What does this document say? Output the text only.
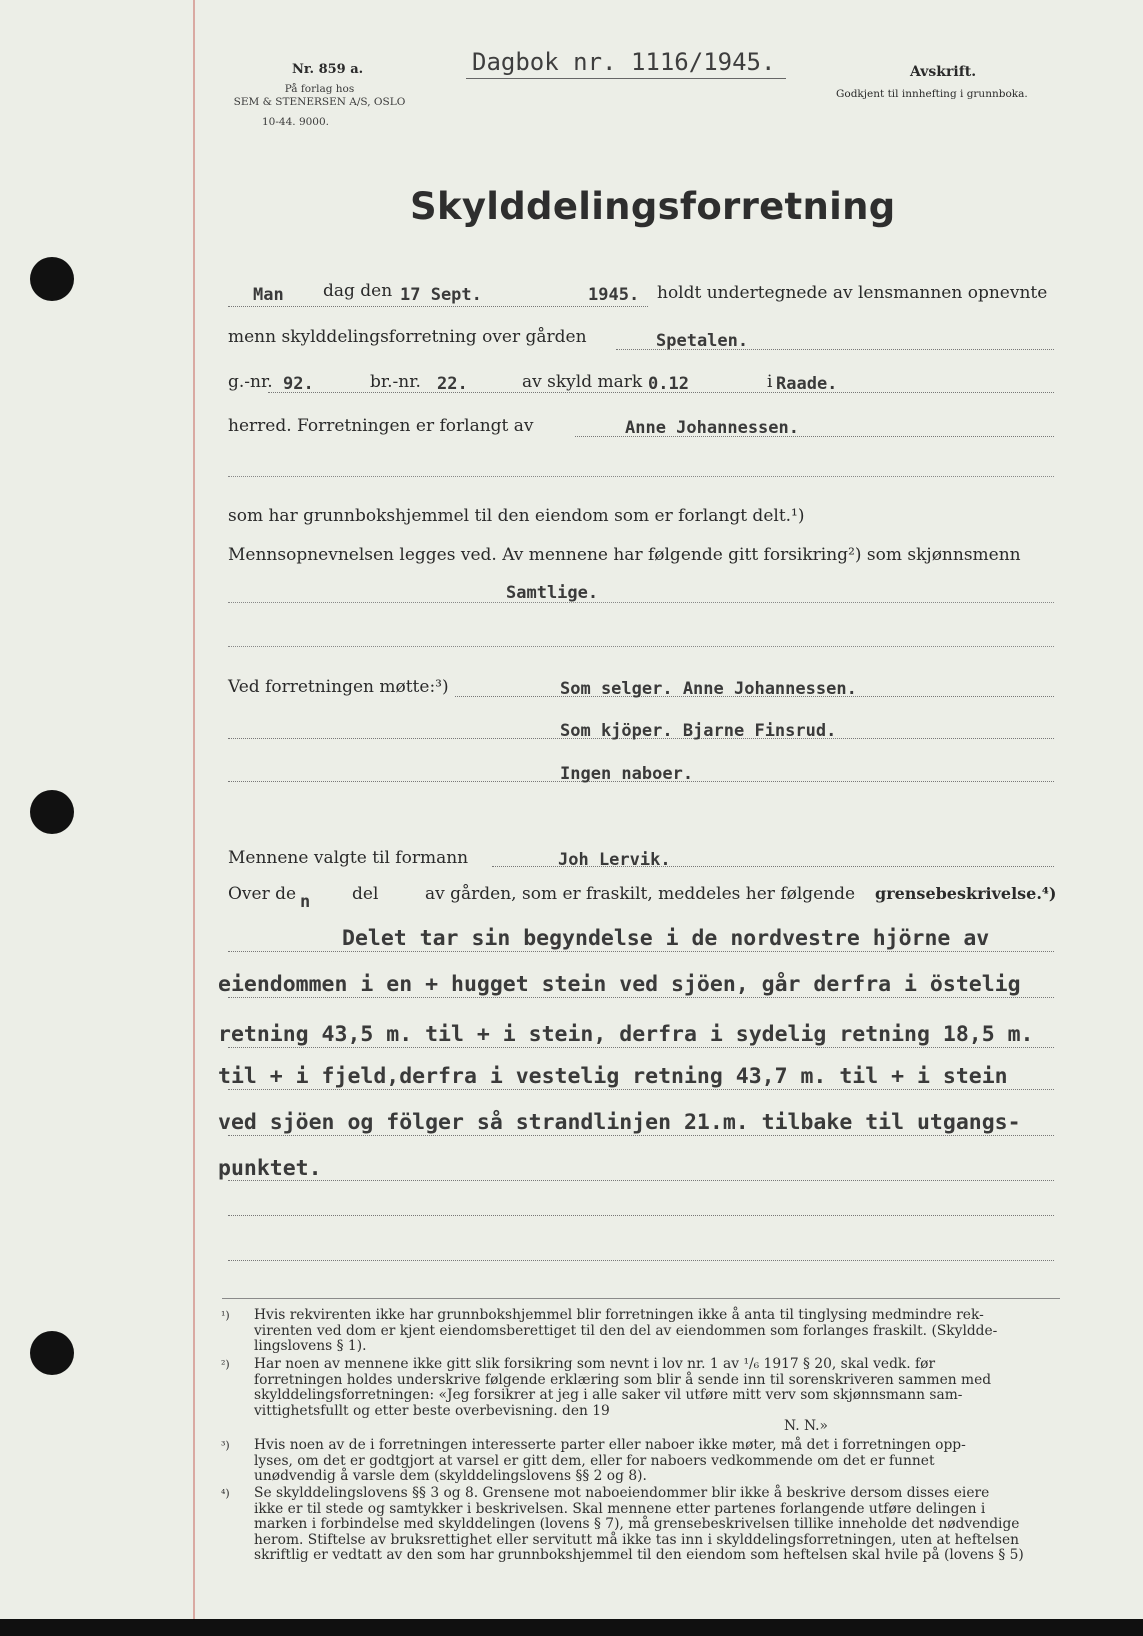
Nr. 859 a.
På forlag hos
SEM & STENERSEN A/S, OSLO
10-44. 9000.
Dagbok nr. 1116/1945.	Avskrift.
Godkjent til innhefting i grunnboka.
Skylddelingsforretning
Man dag den 17 Sept.	1945. holdt undertegnede av lensmannen opnevnte
menn skylddelingsforretning over gården	Spetalen.
g.-nr. 92.	br.-nr. 22.	av skyld mark 0.12	i Raade.
herred. Forretningen er forlangt av	Anne Johannessen.
som har grunnbokshjemmel til den eiendom som er forlangt delt.¹)
Mennsopnevnelsen legges ved. Av mennene har følgende gitt forsikring²) som skjønnsmenn
Samtlige.
Ved forretningen møtte:³)	Som selger. Anne Johannessen.
Som kjöper. Bjarne Finsrud.
Ingen naboer.
Mennene valgte til formann	Joh Lervik.
Over de n del	av gården, som er fraskilt, meddeles her følgende grensebeskrivelse.⁴)
Delet tar sin begyndelse i de nordvestre hjörne av
eiendommen i en + hugget stein ved sjöen, går derfra i östelig
retning 43,5 m. til + i stein, derfra i sydelig retning 18,5 m.
til + i fjeld,derfra i vestelig retning 43,7 m. til + i stein
ved sjöen og fölger så strandlinjen 21.m. tilbake til utgangs-
punktet.
¹) Hvis rekvirenten ikke har grunnbokshjemmel blir forretningen ikke å anta til tinglysing medmindre rek-
virenten ved dom er kjent eiendomsberettiget til den del av eiendommen som forlanges fraskilt. (Skyldde-
lingslovens § 1).
²) Har noen av mennene ikke gitt slik forsikring som nevnt i lov nr. 1 av ¹/₆ 1917 § 20, skal vedk. før
forretningen holdes underskrive følgende erklæring som blir å sende inn til sorenskriveren sammen med
skylddelingsforretningen: «Jeg forsikrer at jeg i alle saker vil utføre mitt verv som skjønnsmann sam-
vittighetsfullt og etter beste overbevisning. den 19
N. N.»
³) Hvis noen av de i forretningen interesserte parter eller naboer ikke møter, må det i forretningen opp-
lyses, om det er godtgjort at varsel er gitt dem, eller for naboers vedkommende om det er funnet
unødvendig å varsle dem (skylddelingslovens §§ 2 og 8).
⁴) Se skylddelingslovens §§ 3 og 8. Grensene mot naboeiendommer blir ikke å beskrive dersom disses eiere
ikke er til stede og samtykker i beskrivelsen. Skal mennene etter partenes forlangende utføre delingen i
marken i forbindelse med skylddelingen (lovens § 7), må grensebeskrivelsen tillike inneholde det nødvendige
herom. Stiftelse av bruksrettighet eller servitutt må ikke tas inn i skylddelingsforretningen, uten at heftelsen
skriftlig er vedtatt av den som har grunnbokshjemmel til den eiendom som heftelsen skal hvile på (lovens § 5)
